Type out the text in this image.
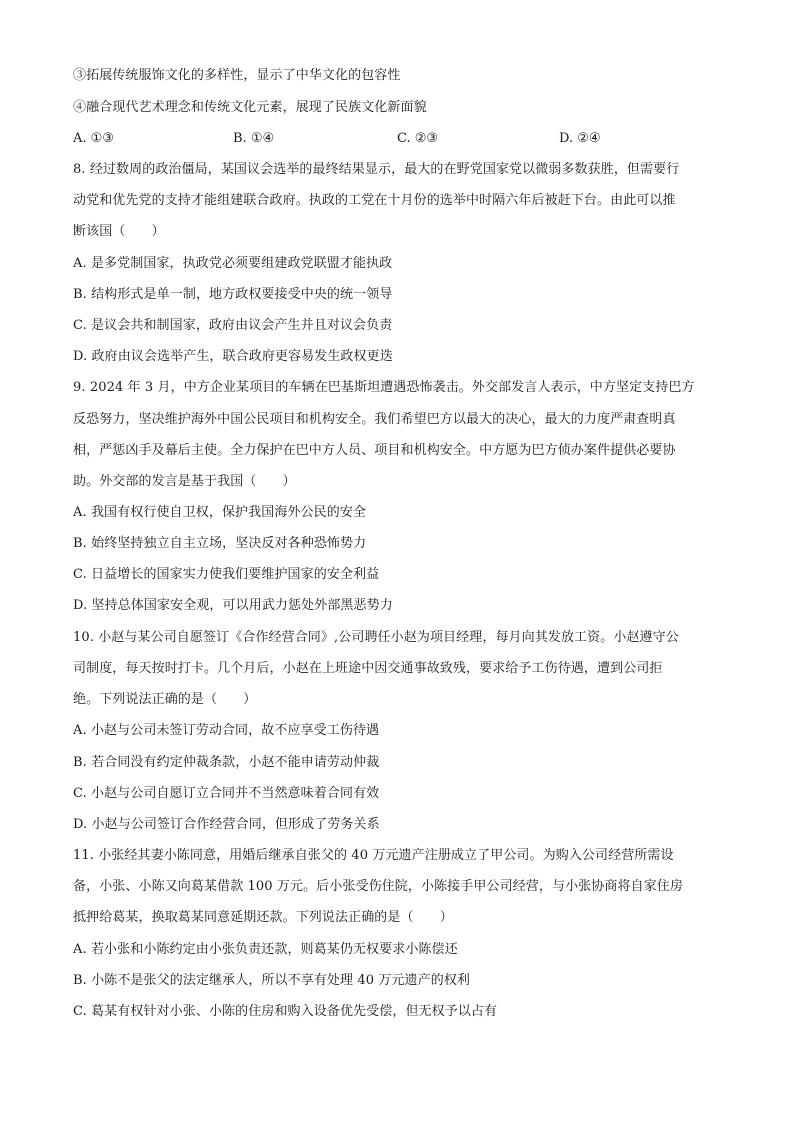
③拓展传统服饰文化的多样性，显示了中华文化的包容性
④融合现代艺术理念和传统文化元素，展现了民族文化新面貌
A. ①③	B. ①④	C. ②③	D. ②④
8. 经过数周的政治僵局，某国议会选举的最终结果显示，最大的在野党国家党以微弱多数获胜，但需要行
动党和优先党的支持才能组建联合政府。执政的工党在十月份的选举中时隔六年后被赶下台。由此可以推
断该国（　　）
A. 是多党制国家，执政党必须要组建政党联盟才能执政
B. 结构形式是单一制，地方政权要接受中央的统一领导
C. 是议会共和制国家，政府由议会产生并且对议会负责
D. 政府由议会选举产生，联合政府更容易发生政权更迭
9. 2024 年 3 月，中方企业某项目的车辆在巴基斯坦遭遇恐怖袭击。外交部发言人表示，中方坚定支持巴方
反恐努力，坚决维护海外中国公民项目和机构安全。我们希望巴方以最大的决心，最大的力度严肃查明真
相，严惩凶手及幕后主使。全力保护在巴中方人员、项目和机构安全。中方愿为巴方侦办案件提供必要协
助。外交部的发言是基于我国（　　）
A. 我国有权行使自卫权，保护我国海外公民的安全
B. 始终坚持独立自主立场，坚决反对各种恐怖势力
C. 日益增长的国家实力使我们要维护国家的安全利益
D. 坚持总体国家安全观，可以用武力惩处外部黑恶势力
10. 小赵与某公司自愿签订《合作经营合同》,公司聘任小赵为项目经理，每月向其发放工资。小赵遵守公
司制度，每天按时打卡。几个月后，小赵在上班途中因交通事故致残，要求给予工伤待遇，遭到公司拒
绝。下列说法正确的是（　　）
A. 小赵与公司未签订劳动合同，故不应享受工伤待遇
B. 若合同没有约定仲裁条款，小赵不能申请劳动仲裁
C. 小赵与公司自愿订立合同并不当然意味着合同有效
D. 小赵与公司签订合作经营合同，但形成了劳务关系
11. 小张经其妻小陈同意，用婚后继承自张父的 40 万元遗产注册成立了甲公司。为购入公司经营所需设
备，小张、小陈又向葛某借款 100 万元。后小张受伤住院，小陈接手甲公司经营，与小张协商将自家住房
抵押给葛某，换取葛某同意延期还款。下列说法正确的是（　　）
A. 若小张和小陈约定由小张负责还款，则葛某仍无权要求小陈偿还
B. 小陈不是张父的法定继承人，所以不享有处理 40 万元遗产的权利
C. 葛某有权针对小张、小陈的住房和购入设备优先受偿，但无权予以占有
